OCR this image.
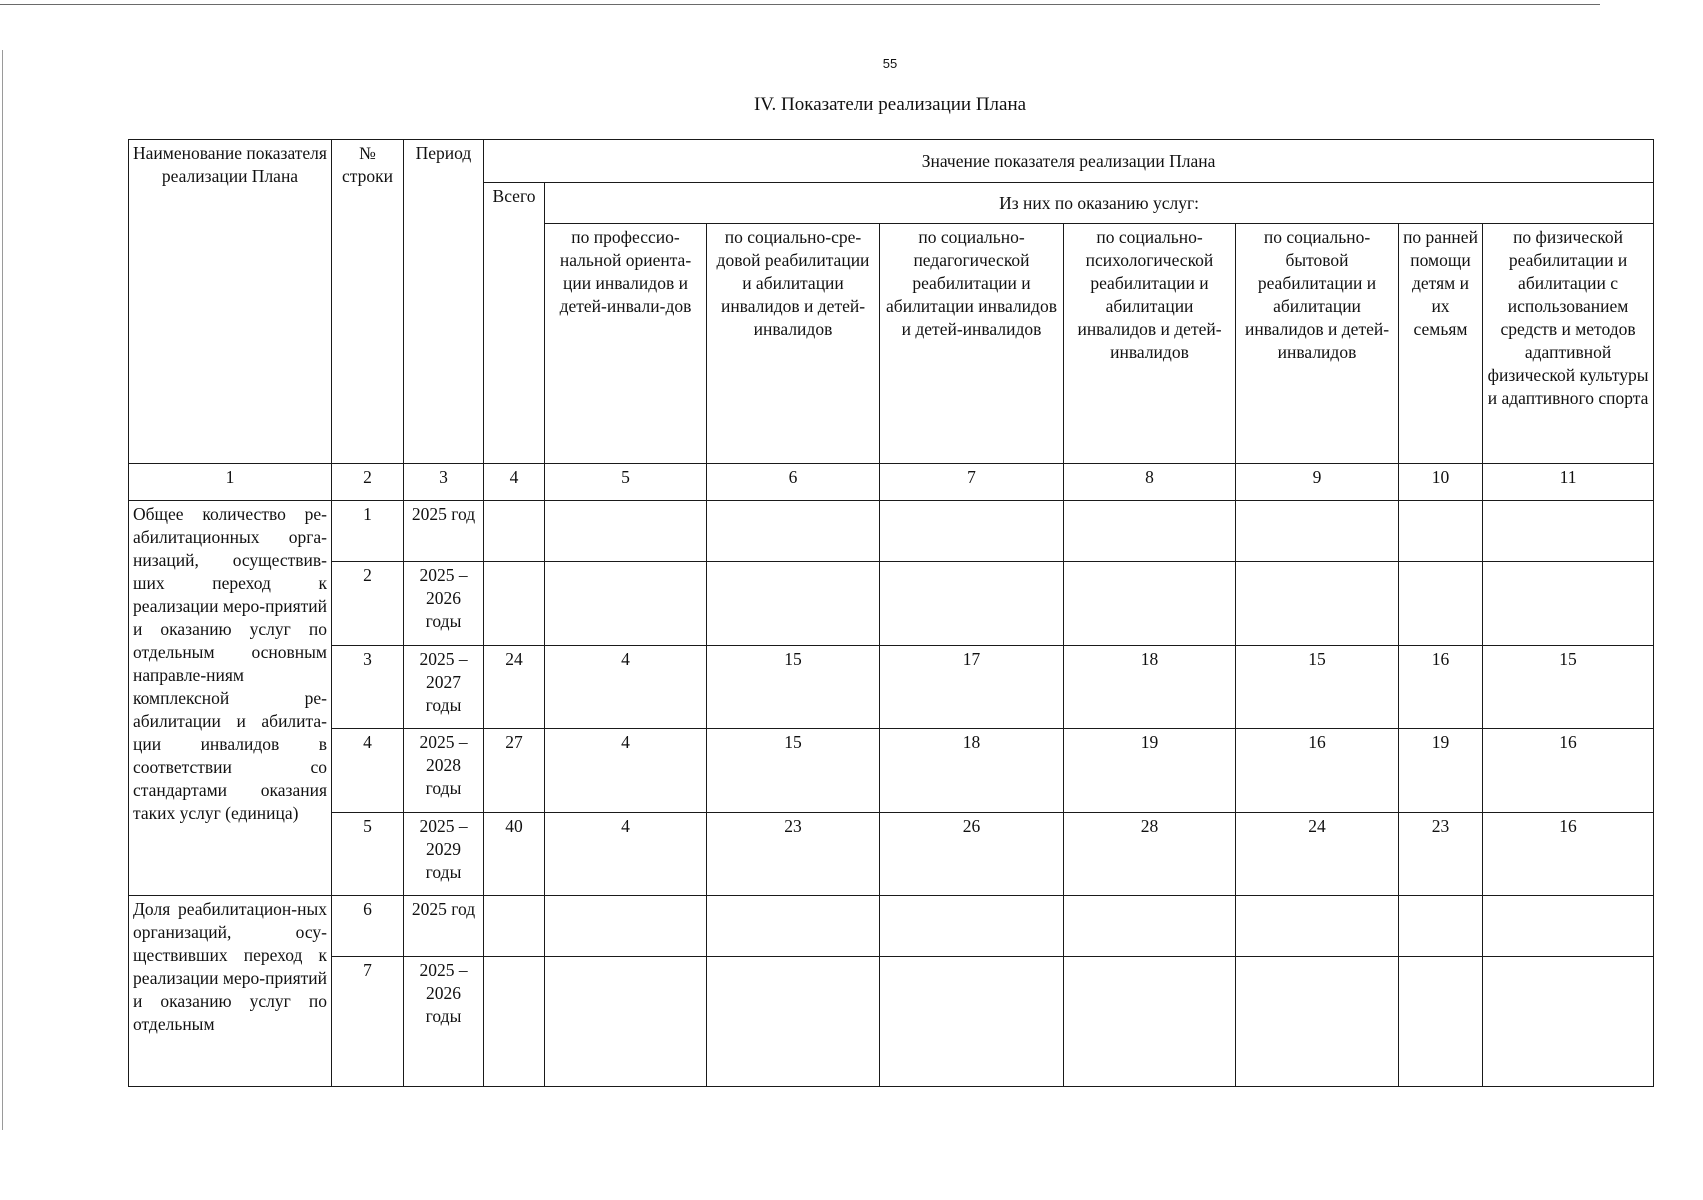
55
IV. Показатели реализации Плана
Наименование показателя реализации Плана	№ строки	Период	Значение показателя реализации Плана							
			Всего	Из них по оказанию услуг:						
				по профессио-нальной ориента-ции инвалидов и детей-инвали-дов	по социально-сре-довой реабилитации и абилитации инвалидов и детей-инвалидов	по социально-педагогической реабилитации и абилитации инвалидов и детей-инвалидов	по социально-психологической реабилитации и абилитации инвалидов и детей-инвалидов	по социально-бытовой реабилитации и абилитации инвалидов и детей-инвалидов	по ранней помощи детям и их семьям	по физической реабилитации и абилитации с использованием средств и методов адаптивной физической культуры и адаптивного спорта
1	2	3	4	5	6	7	8	9	10	11
Общее количество ре-абилитационных орга-низаций, осуществив-ших переход к реализации меро-приятий и оказанию услуг по отдельным основным направле-ниям комплексной ре-абилитации и абилита-ции инвалидов в соответствии со стандартами оказания таких услуг (единица)	1	2025 год								
	2	2025 – 2026 годы								
	3	2025 – 2027 годы	24	4	15	17	18	15	16	15
	4	2025 – 2028 годы	27	4	15	18	19	16	19	16
	5	2025 – 2029 годы	40	4	23	26	28	24	23	16
Доля реабилитацион-ных организаций, осу-ществивших переход к реализации меро-приятий и оказанию услуг по отдельным	6	2025 год								
	7	2025 – 2026 годы								
